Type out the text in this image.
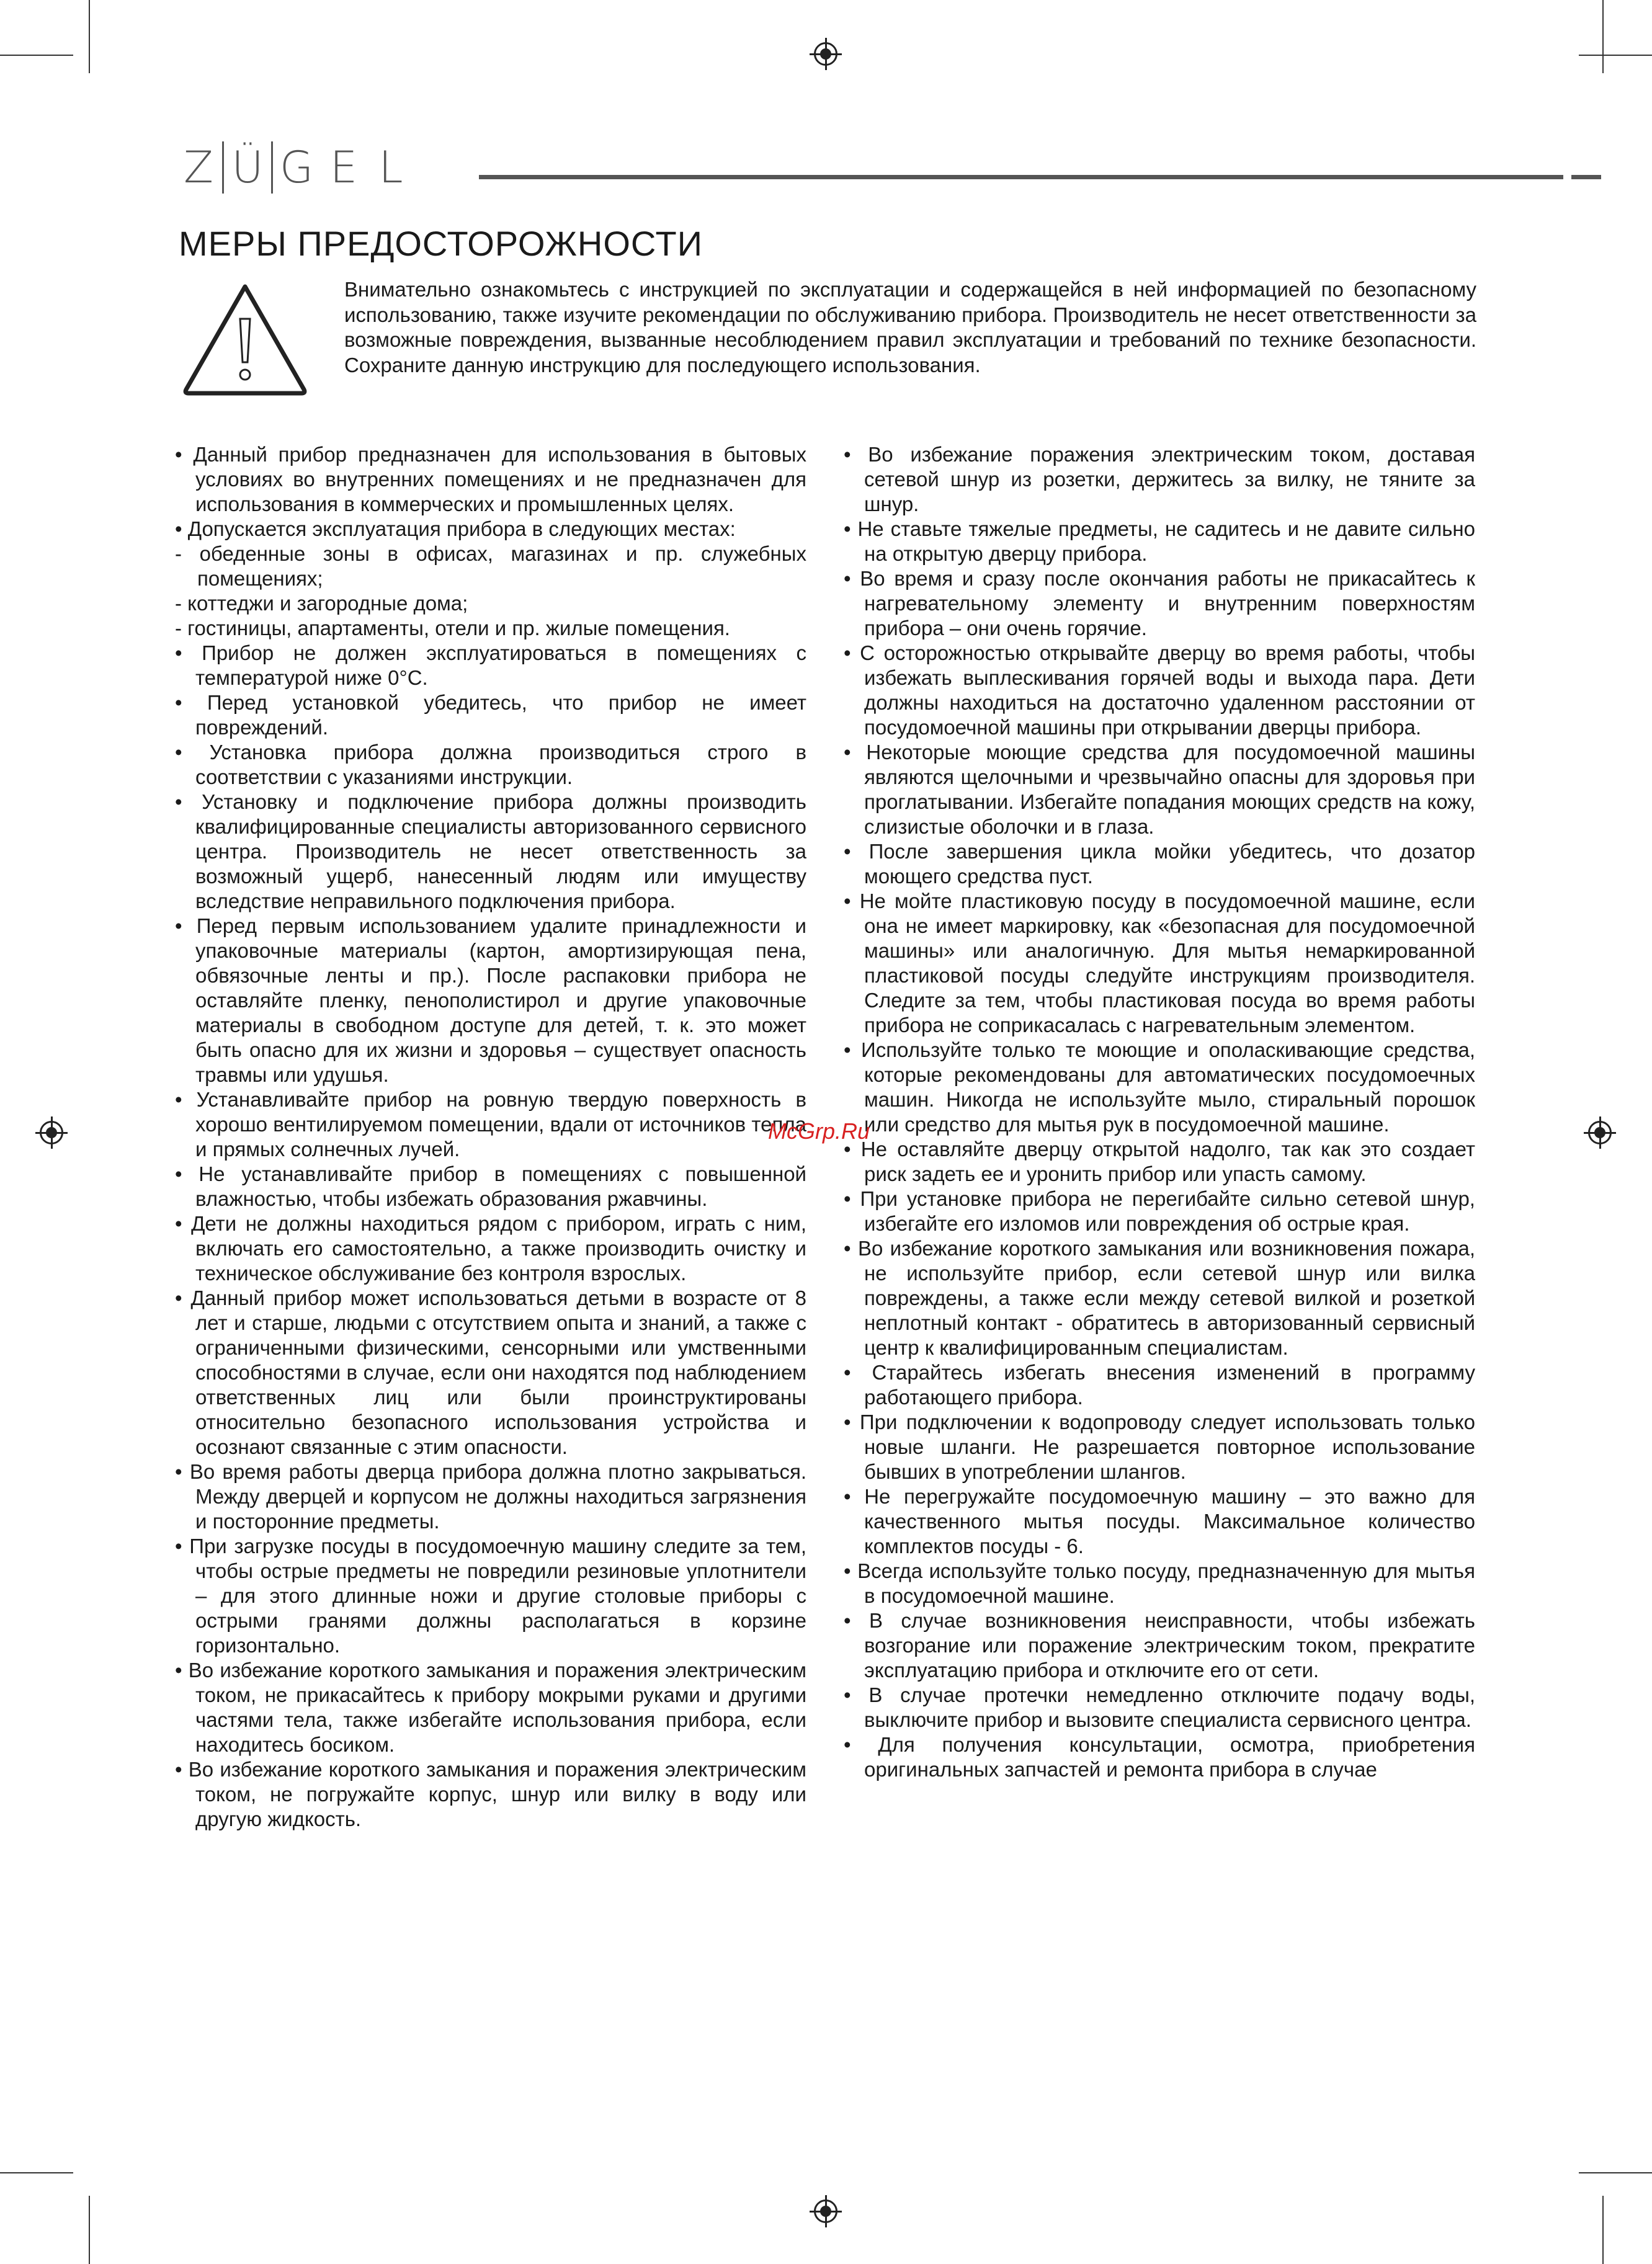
Z Ü G E L
МЕРЫ ПРЕДОСТОРОЖНОСТИ

Внимательно ознакомьтесь с инструкцией по эксплуатации и содержащейся в ней информацией по безопасному использованию, также изучите рекомендации по обслуживанию прибора. Производитель не несет ответственности за возможные повреждения, вызванные несоблюдением правил эксплуатации и требований по технике безопасности. Сохраните данную инструкцию для последующего использования.

• Данный прибор предназначен для использования в бытовых условиях во внутренних помещениях и не предназначен для использования в коммерческих и промышленных целях.

• Допускается эксплуатация прибора в следующих местах:

- обеденные зоны в офисах, магазинах и пр. служебных помещениях;

- коттеджи и загородные дома;

- гостиницы, апартаменты, отели и пр. жилые помещения.

• Прибор не должен эксплуатироваться в помещениях с температурой ниже 0°С.

• Перед установкой убедитесь, что прибор не имеет повреждений.

• Установка прибора должна производиться строго в соответствии с указаниями инструкции.

• Установку и подключение прибора должны производить квалифицированные специалисты авторизованного сервисного центра. Производитель не несет ответственность за возможный ущерб, нанесенный людям или имуществу вследствие неправильного подключения прибора.

• Перед первым использованием удалите принадлежности и упаковочные материалы (картон, амортизирующая пена, обвязочные ленты и пр.). После распаковки прибора не оставляйте пленку, пенополистирол и другие упаковочные материалы в свободном доступе для детей, т. к. это может быть опасно для их жизни и здоровья – существует опасность травмы или удушья.

• Устанавливайте прибор на ровную твердую поверхность в хорошо вентилируемом помещении, вдали от источников тепла и прямых солнечных лучей.

• Не устанавливайте прибор в помещениях с повышенной влажностью, чтобы избежать образования ржавчины.

• Дети не должны находиться рядом с прибором, играть с ним, включать его самостоятельно, а также производить очистку и техническое обслуживание без контроля взрослых.

• Данный прибор может использоваться детьми в возрасте от 8 лет и старше, людьми с отсутствием опыта и знаний, а также с ограниченными физическими, сенсорными или умственными способностями в случае, если они находятся под наблюдением ответственных лиц или были проинструктированы относительно безопасного использования устройства и осознают связанные с этим опасности.

• Во время работы дверца прибора должна плотно закрываться. Между дверцей и корпусом не должны находиться загрязнения и посторонние предметы.

• При загрузке посуды в посудомоечную машину следите за тем, чтобы острые предметы не повредили резиновые уплотнители – для этого длинные ножи и другие столовые приборы с острыми гранями должны располагаться в корзине горизонтально.

• Во избежание короткого замыкания и поражения электрическим током, не прикасайтесь к прибору мокрыми руками и другими частями тела, также избегайте использования прибора, если находитесь босиком.

• Во избежание короткого замыкания и поражения электрическим током, не погружайте корпус, шнур или вилку в воду или другую жидкость.

• Во избежание поражения электрическим током, доставая сетевой шнур из розетки, держитесь за вилку, не тяните за шнур.

• Не ставьте тяжелые предметы, не садитесь и не давите сильно на открытую дверцу прибора.

• Во время и сразу после окончания работы не прикасайтесь к нагревательному элементу и внутренним поверхностям прибора – они очень горячие.

• С осторожностью открывайте дверцу во время работы, чтобы избежать выплескивания горячей воды и выхода пара. Дети должны находиться на достаточно удаленном расстоянии от посудомоечной машины при открывании дверцы прибора.

• Некоторые моющие средства для посудомоечной машины являются щелочными и чрезвычайно опасны для здоровья при проглатывании. Избегайте попадания моющих средств на кожу, слизистые оболочки и в глаза.

• После завершения цикла мойки убедитесь, что дозатор моющего средства пуст.

• Не мойте пластиковую посуду в посудомоечной машине, если она не имеет маркировку, как «безопасная для посудомоечной машины» или аналогичную. Для мытья немаркированной пластиковой посуды следуйте инструкциям производителя. Следите за тем, чтобы пластиковая посуда во время работы прибора не соприкасалась с нагревательным элементом.

• Используйте только те моющие и ополаскивающие средства, которые рекомендованы для автоматических посудомоечных машин. Никогда не используйте мыло, стиральный порошок или средство для мытья рук в посудомоечной машине.

• Не оставляйте дверцу открытой надолго, так как это создает риск задеть ее и уронить прибор или упасть самому.

• При установке прибора не перегибайте сильно сетевой шнур, избегайте его изломов или повреждения об острые края.

• Во избежание короткого замыкания или возникновения пожара, не используйте прибор, если сетевой шнур или вилка повреждены, а также если между сетевой вилкой и розеткой неплотный контакт - обратитесь в авторизованный сервисный центр к квалифицированным специалистам.

• Старайтесь избегать внесения изменений в программу работающего прибора.

• При подключении к водопроводу следует использовать только новые шланги. Не разрешается повторное использование бывших в употреблении шлангов.

• Не перегружайте посудомоечную машину – это важно для качественного мытья посуды. Максимальное количество комплектов посуды - 6.

• Всегда используйте только посуду, предназначенную для мытья в посудомоечной машине.

• В случае возникновения неисправности, чтобы избежать возгорание или поражение электрическим током, прекратите эксплуатацию прибора и отключите его от сети.

• В случае протечки немедленно отключите подачу воды, выключите прибор и вызовите специалиста сервисного центра.

• Для получения консультации, осмотра, приобретения оригинальных запчастей и ремонта прибора в случае

McGrp.Ru
